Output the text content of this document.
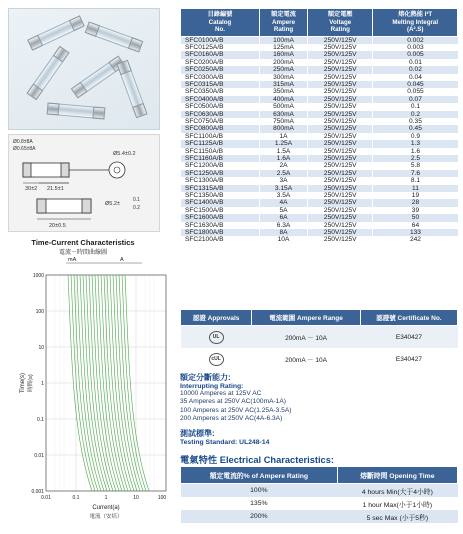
Ø0.8±8A
Ø0.65±8A
Ø5.4±0.2
30±2 21.5±1
20±0.5
Ø5.2±
0.1
0.2
Time-Current Characteristics
電流－時間曲線圖
mA	A
1000
100
10
1
0.1
0.01
0.001
0.01	0.1	1	10	100
Current(a)
電流（安培）
Time(s) 時間(s)
目錄編號
Catalog
No.	額定電流
Ampere
Rating	額定電壓
Voltage
Rating	熔化熱能 I²T
Melting Integral
(A².S)
SFC0100A/B	100mA	250V/125V	0.002
SFC0125A/B	125mA	250V/125V	0.003
SFC0160A/B	160mA	250V/125V	0.005
SFC0200A/B	200mA	250V/125V	0.01
SFC0250A/B	250mA	250V/125V	0.02
SFC0300A/B	300mA	250V/125V	0.04
SFC0315A/B	315mA	250V/125V	0.045
SFC0350A/B	350mA	250V/125V	0.055
SFC0400A/B	400mA	250V/125V	0.07
SFC0500A/B	500mA	250V/125V	0.1
SFC0630A/B	630mA	250V/125V	0.2
SFC0750A/B	750mA	250V/125V	0.35
SFC0800A/B	800mA	250V/125V	0.45
SFC1100A/B	1A	250V/125V	0.9
SFC1125A/B	1.25A	250V/125V	1.3
SFC1150A/B	1.5A	250V/125V	1.6
SFC1160A/B	1.6A	250V/125V	2.5
SFC1200A/B	2A	250V/125V	5.8
SFC1250A/B	2.5A	250V/125V	7.6
SFC1300A/B	3A	250V/125V	8.1
SFC1315A/B	3.15A	250V/125V	11
SFC1350A/B	3.5A	250V/125V	19
SFC1400A/B	4A	250V/125V	28
SFC1500A/B	5A	250V/125V	39
SFC1600A/B	6A	250V/125V	50
SFC1630A/B	6.3A	250V/125V	64
SFC1800A/B	8A	250V/125V	133
SFC2100A/B	10A	250V/125V	242
認證 Approvals	電流範圍 Ampere Range	認證號 Certificate No.
UL	200mA － 10A	E340427
cUL	200mA － 10A	E340427
額定分斷能力:
Interrupting Rating:
10000 Amperes at 125V AC
35 Amperes at 250V AC(100mA-1A)
100 Amperes at 250V AC(1.25A-3.5A)
200 Amperes at 250V AC(4A-6.3A)
測試標準:
Testing Standard: UL248-14
電氣特性 Electrical Characteristics:
額定電流的% of Ampere Rating	熔斷時間 Opening Time
100%	4 hours Min(大于4小時)
135%	1 hour Max(小于1小時)
200%	5 sec Max (小于5秒)
